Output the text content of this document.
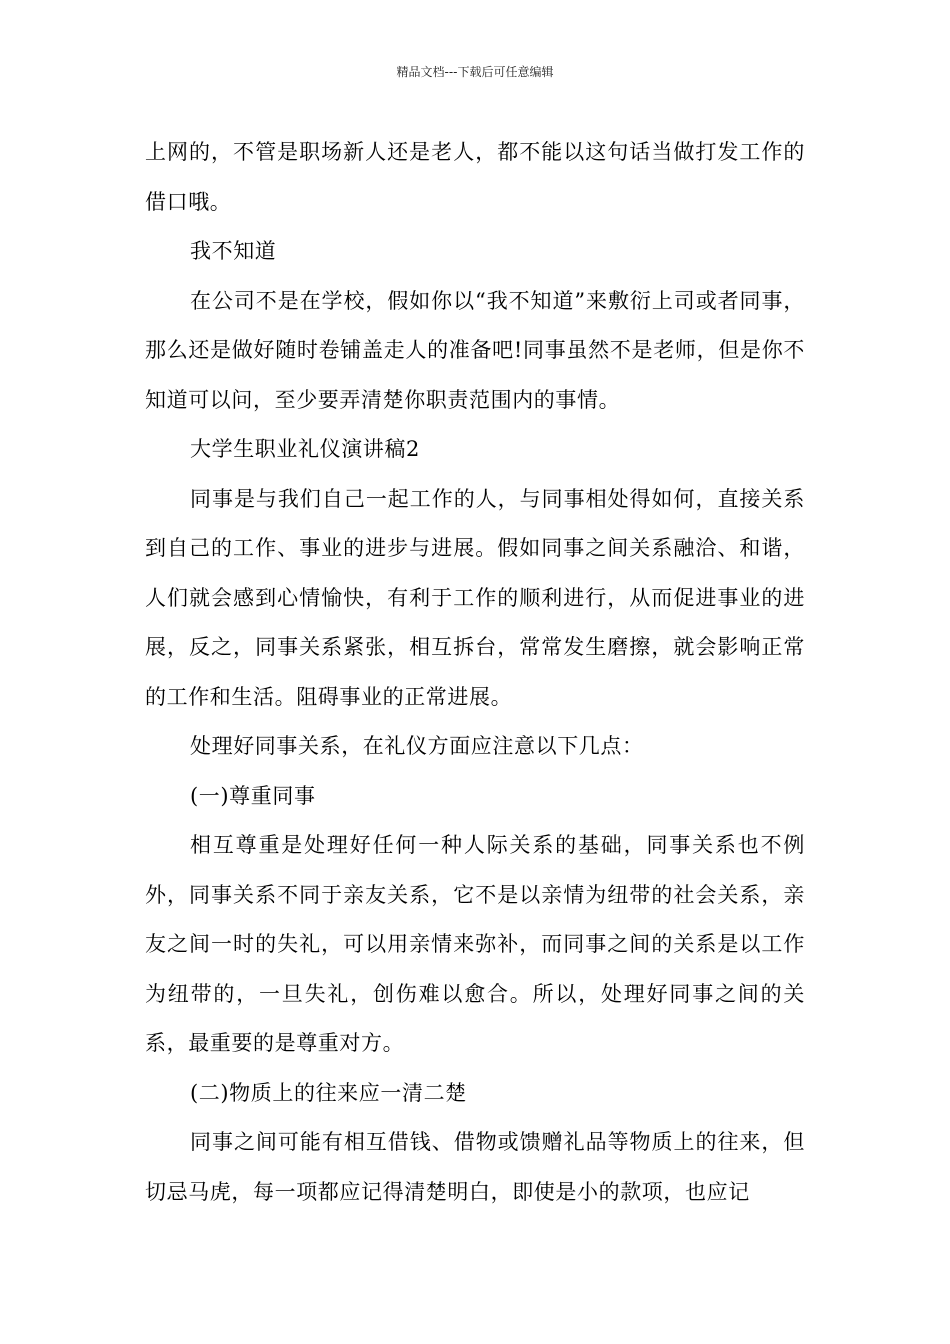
精品文档---下载后可任意编辑

上网的，不管是职场新人还是老人，都不能以这句话当做打发工作的借口哦。

我不知道

在公司不是在学校，假如你以“我不知道”来敷衍上司或者同事，那么还是做好随时卷铺盖走人的准备吧!同事虽然不是老师，但是你不知道可以问，至少要弄清楚你职责范围内的事情。

大学生职业礼仪演讲稿2

同事是与我们自己一起工作的人，与同事相处得如何，直接关系到自己的工作、事业的进步与进展。假如同事之间关系融洽、和谐，人们就会感到心情愉快，有利于工作的顺利进行，从而促进事业的进展，反之，同事关系紧张，相互拆台，常常发生磨擦，就会影响正常的工作和生活。阻碍事业的正常进展。

处理好同事关系，在礼仪方面应注意以下几点：

(一)尊重同事

相互尊重是处理好任何一种人际关系的基础，同事关系也不例外，同事关系不同于亲友关系，它不是以亲情为纽带的社会关系，亲友之间一时的失礼，可以用亲情来弥补，而同事之间的关系是以工作为纽带的，一旦失礼，创伤难以愈合。所以，处理好同事之间的关系，最重要的是尊重对方。

(二)物质上的往来应一清二楚

同事之间可能有相互借钱、借物或馈赠礼品等物质上的往来，但切忌马虎，每一项都应记得清楚明白，即使是小的款项，也应记
